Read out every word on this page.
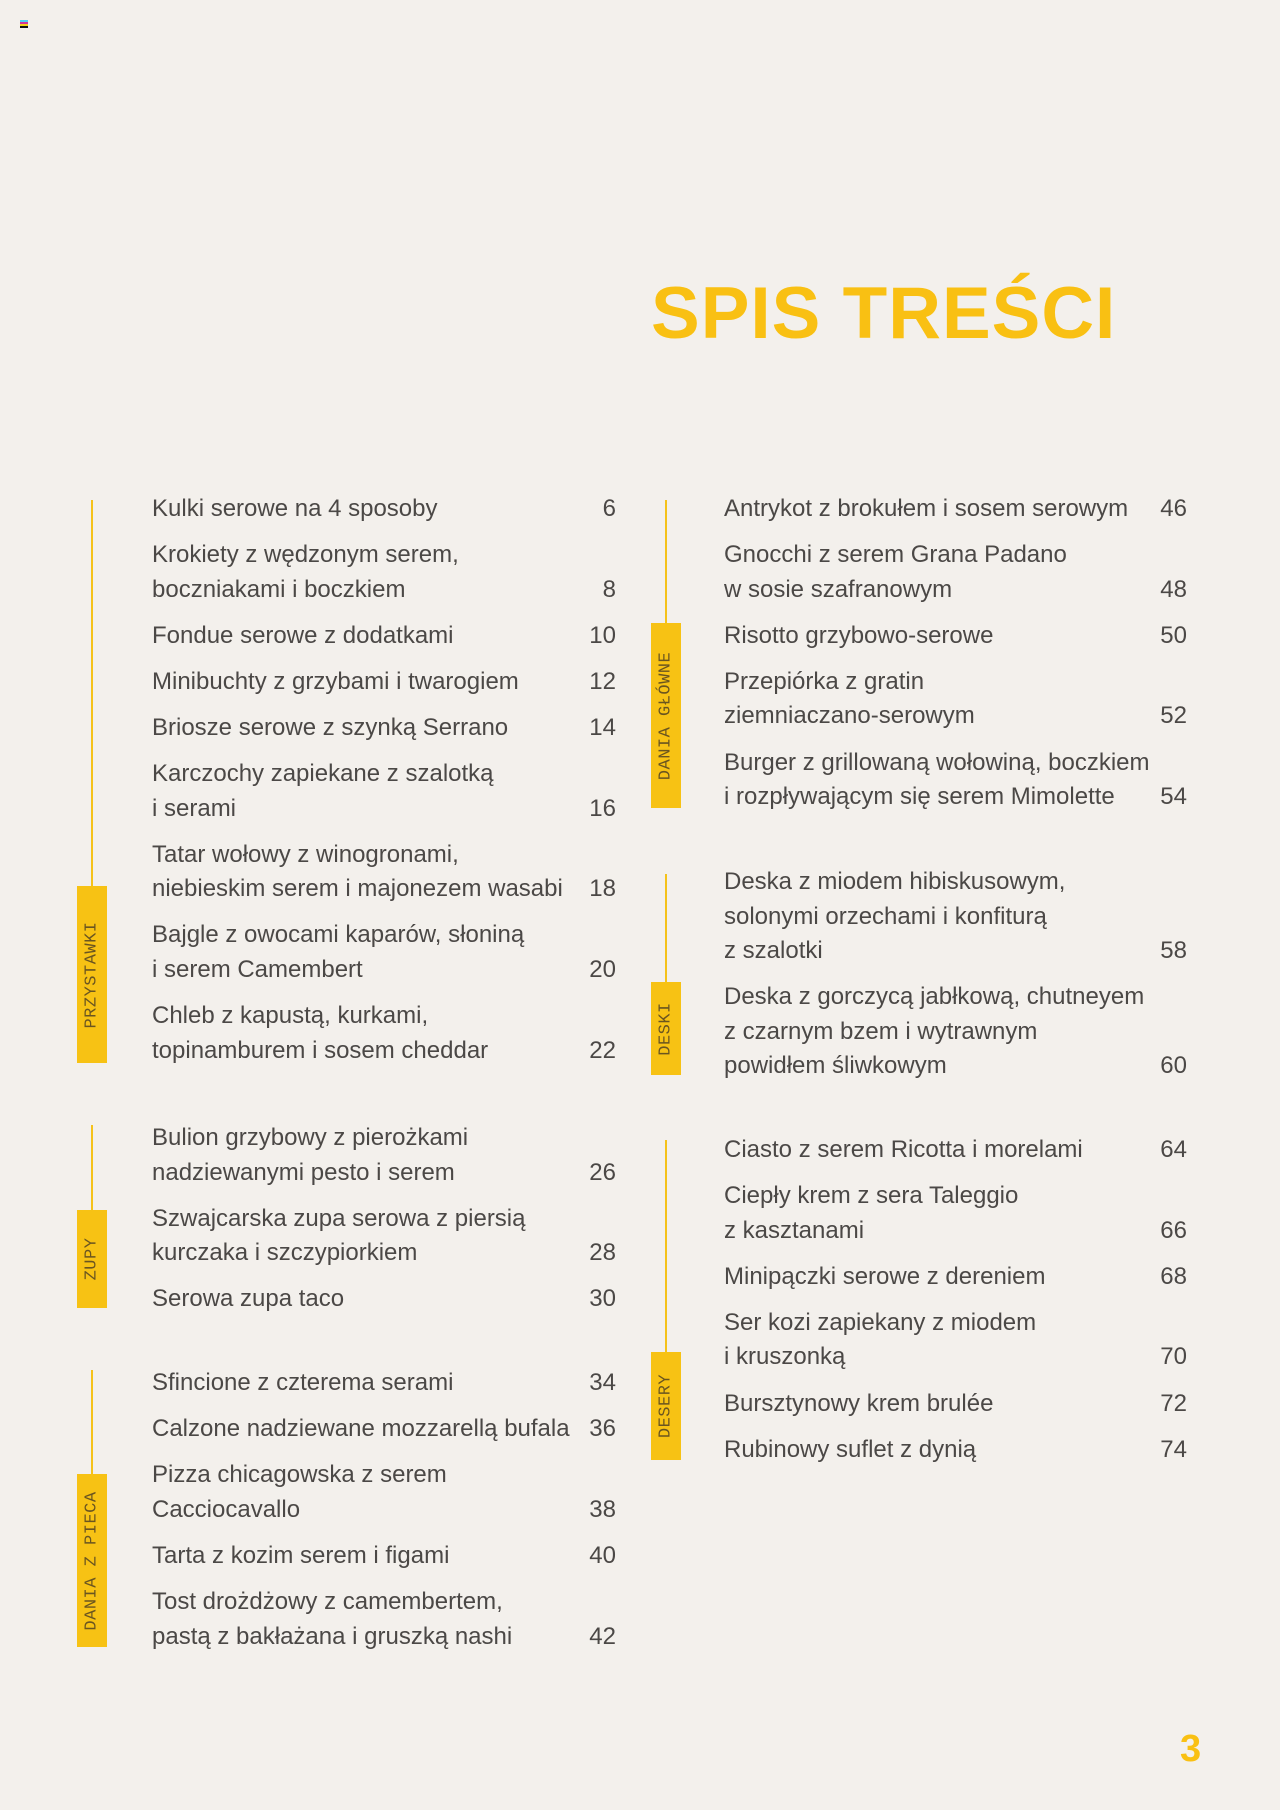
SPIS TREŚCI
PRZYSTAWKI
Kulki serowe na 4 sposoby	6
Krokiety z wędzonym serem,
boczniakami i boczkiem	8
Fondue serowe z dodatkami	10
Minibuchty z grzybami i twarogiem	12
Briosze serowe z szynką Serrano	14
Karczochy zapiekane z szalotką
i serami	16
Tatar wołowy z winogronami,
niebieskim serem i majonezem wasabi 18
Bajgle z owocami kaparów, słoniną
i serem Camembert	20
Chleb z kapustą, kurkami,
topinamburem i sosem cheddar	22
ZUPY
Bulion grzybowy z pierożkami
nadziewanymi pesto i serem	26
Szwajcarska zupa serowa z piersią
kurczaka i szczypiorkiem	28
Serowa zupa taco	30
DANIA Z PIECA
Sfincione z czterema serami	34
Calzone nadziewane mozzarellą bufala 36
Pizza chicagowska z serem
Cacciocavallo	38
Tarta z kozim serem i figami	40
Tost drożdżowy z camembertem,
pastą z bakłażana i gruszką nashi	42
DANIA GŁÓWNE
Antrykot z brokułem i sosem serowym 46
Gnocchi z serem Grana Padano
w sosie szafranowym	48
Risotto grzybowo-serowe	50
Przepiórka z gratin
ziemniaczano-serowym	52
Burger z grillowaną wołowiną, boczkiem
i rozpływającym się serem Mimolette 54
DESKI
Deska z miodem hibiskusowym,
solonymi orzechami i konfiturą
z szalotki	58
Deska z gorczycą jabłkową, chutneyem
z czarnym bzem i wytrawnym
powidłem śliwkowym	60
DESERY
Ciasto z serem Ricotta i morelami	64
Ciepły krem z sera Taleggio
z kasztanami	66
Minipączki serowe z dereniem	68
Ser kozi zapiekany z miodem
i kruszonką	70
Bursztynowy krem brulée	72
Rubinowy suflet z dynią	74
3
